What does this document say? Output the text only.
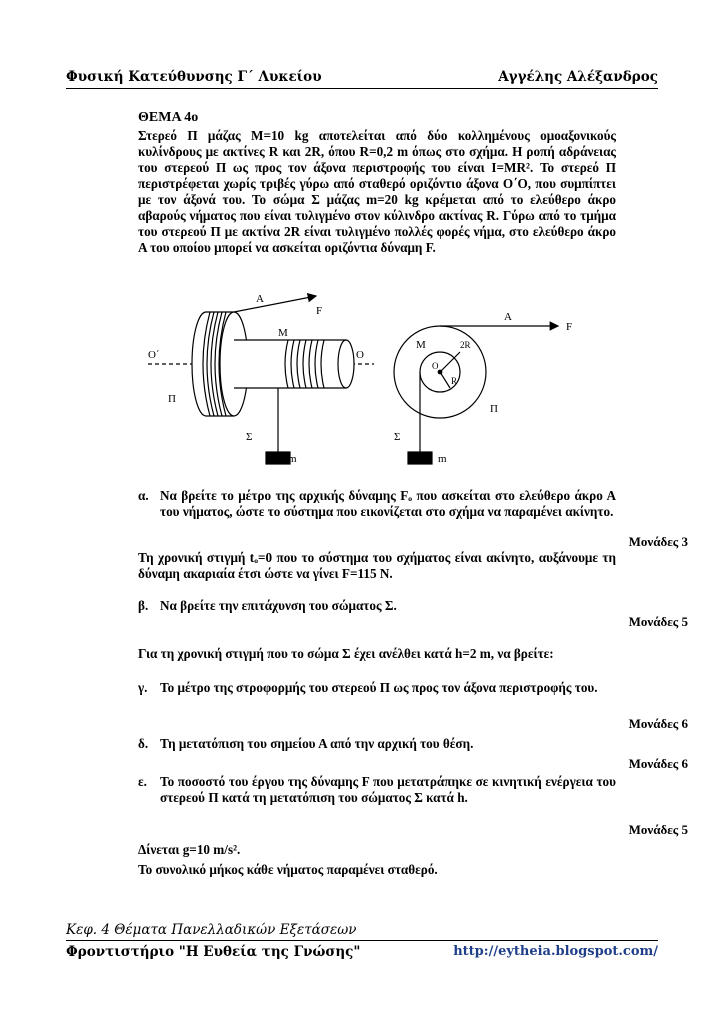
Φυσική Κατεύθυνσης Γ΄ Λυκείου	Αγγέλης Αλέξανδρος
ΘΕΜΑ 4ο
Στερεό Π μάζας Μ=10 kg αποτελείται από δύο κολλημένους ομοαξονικούς κυλίνδρους με ακτίνες R και 2R, όπου R=0,2 m όπως στο σχήμα. Η ροπή αδράνειας του στερεού Π ως προς τον άξονα περιστροφής του είναι I=MR². Το στερεό Π περιστρέφεται χωρίς τριβές γύρω από σταθερό οριζόντιο άξονα Ο΄Ο, που συμπίπτει με τον άξονά του. Το σώμα Σ μάζας m=20 kg κρέμεται από το ελεύθερο άκρο αβαρούς νήματος που είναι τυλιγμένο στον κύλινδρο ακτίνας R. Γύρω από το τμήμα του στερεού Π με ακτίνα 2R είναι τυλιγμένο πολλές φορές νήμα, στο ελεύθερο άκρο Α του οποίου μπορεί να ασκείται οριζόντια δύναμη F.
A
F
M
Ο΄	Ο
Π
Σ
m
A
F
M	2R
O
R
Π
Σ
m
α. Να βρείτε το μέτρο της αρχικής δύναμης Fₒ που ασκείται στο ελεύθερο άκρο Α του νήματος, ώστε το σύστημα που εικονίζεται στο σχήμα να παραμένει ακίνητο.
Μονάδες 3
Τη χρονική στιγμή tₒ=0 που το σύστημα του σχήματος είναι ακίνητο, αυξάνουμε τη δύναμη ακαριαία έτσι ώστε να γίνει F=115 N.
β. Να βρείτε την επιτάχυνση του σώματος Σ.
Μονάδες 5
Για τη χρονική στιγμή που το σώμα Σ έχει ανέλθει κατά h=2 m, να βρείτε:
γ. Το μέτρο της στροφορμής του στερεού Π ως προς τον άξονα περιστροφής του.
Μονάδες 6
δ. Τη μετατόπιση του σημείου Α από την αρχική του θέση.
Μονάδες 6
ε. Το ποσοστό του έργου της δύναμης F που μετατράπηκε σε κινητική ενέργεια του στερεού Π κατά τη μετατόπιση του σώματος Σ κατά h.
Μονάδες 5
Δίνεται g=10 m/s².
Το συνολικό μήκος κάθε νήματος παραμένει σταθερό.
Κεφ. 4 Θέματα Πανελλαδικών Εξετάσεων
Φροντιστήριο "Η Ευθεία της Γνώσης"	http://eytheia.blogspot.com/
